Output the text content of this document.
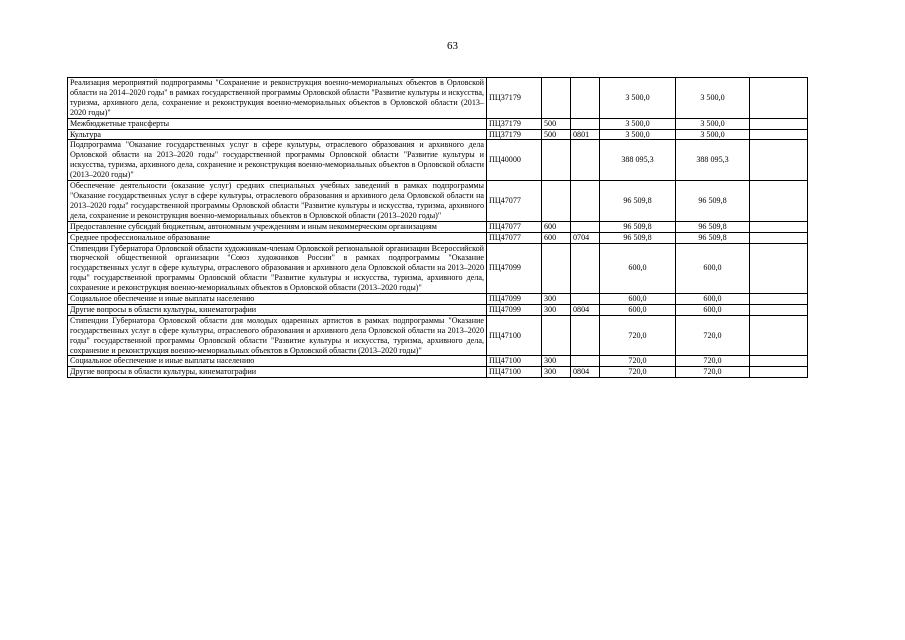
63
Реализация мероприятий подпрограммы "Сохранение и реконструкция военно-мемориальных объектов в Орловской области на 2014–2020 годы" в рамках государственной программы Орловской области "Развитие культуры и искусства, туризма, архивного дела, сохранение и реконструкция военно-мемориальных объектов в Орловской области (2013–2020 годы)"	ПЦ37179			3 500,0	3 500,0	
Межбюджетные трансферты	ПЦ37179	500		3 500,0	3 500,0	
Культура	ПЦ37179	500	0801	3 500,0	3 500,0	
Подпрограмма "Оказание государственных услуг в сфере культуры, отраслевого образования и архивного дела Орловской области на 2013–2020 годы" государственной программы Орловской области "Развитие культуры и искусства, туризма, архивного дела, сохранение и реконструкция военно-мемориальных объектов в Орловской области (2013–2020 годы)"	ПЦ40000			388 095,3	388 095,3	
Обеспечение деятельности (оказание услуг) средних специальных учебных заведений в рамках подпрограммы "Оказание государственных услуг в сфере культуры, отраслевого образования и архивного дела Орловской области на 2013–2020 годы" государственной программы Орловской области "Развитие культуры и искусства, туризма, архивного дела, сохранение и реконструкция военно-мемориальных объектов в Орловской области (2013–2020 годы)"	ПЦ47077			96 509,8	96 509,8	
Предоставление субсидий бюджетным, автономным учреждениям и иным некоммерческим организациям	ПЦ47077	600		96 509,8	96 509,8	
Среднее профессиональное образование	ПЦ47077	600	0704	96 509,8	96 509,8	
Стипендии Губернатора Орловской области художникам-членам Орловской региональной организации Всероссийской творческой общественной организации "Союз художников России" в рамках подпрограммы "Оказание государственных услуг в сфере культуры, отраслевого образования и архивного дела Орловской области на 2013–2020 годы" государственной программы Орловской области "Развитие культуры и искусства, туризма, архивного дела, сохранение и реконструкция военно-мемориальных объектов в Орловской области (2013–2020 годы)"	ПЦ47099			600,0	600,0	
Социальное обеспечение и иные выплаты населению	ПЦ47099	300		600,0	600,0	
Другие вопросы в области культуры, кинематографии	ПЦ47099	300	0804	600,0	600,0	
Стипендии Губернатора Орловской области для молодых одаренных артистов в рамках подпрограммы "Оказание государственных услуг в сфере культуры, отраслевого образования и архивного дела Орловской области на 2013–2020 годы" государственной программы Орловской области "Развитие культуры и искусства, туризма, архивного дела, сохранение и реконструкция военно-мемориальных объектов в Орловской области (2013–2020 годы)"	ПЦ47100			720,0	720,0	
Социальное обеспечение и иные выплаты населению	ПЦ47100	300		720,0	720,0	
Другие вопросы в области культуры, кинематографии	ПЦ47100	300	0804	720,0	720,0	
